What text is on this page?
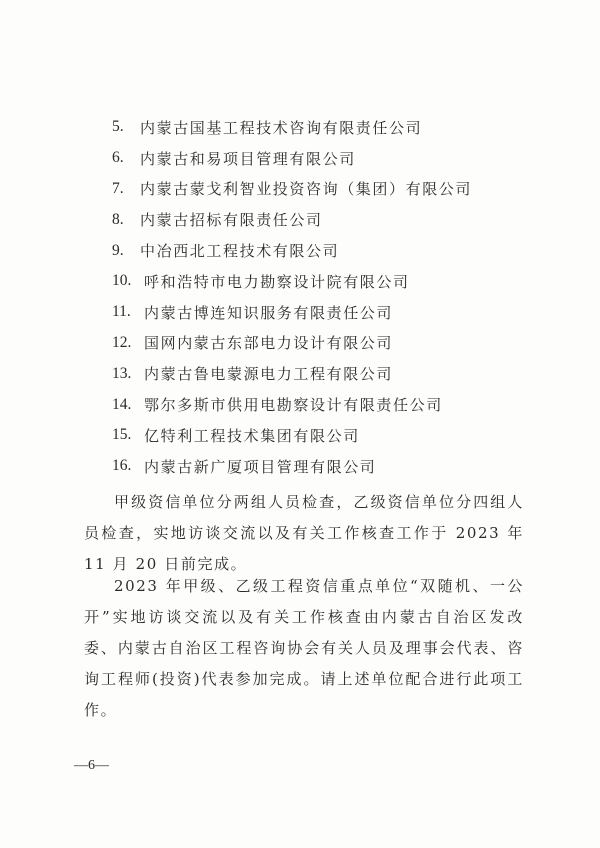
5.	内蒙古国基工程技术咨询有限责任公司
6.	内蒙古和易项目管理有限公司
7.	内蒙古蒙戈利智业投资咨询（集团）有限公司
8.	内蒙古招标有限责任公司
9.	中冶西北工程技术有限公司
10. 呼和浩特市电力勘察设计院有限公司
11. 内蒙古博连知识服务有限责任公司
12. 国网内蒙古东部电力设计有限公司
13. 内蒙古鲁电蒙源电力工程有限公司
14. 鄂尔多斯市供用电勘察设计有限责任公司
15. 亿特利工程技术集团有限公司
16. 内蒙古新广厦项目管理有限公司
甲级资信单位分两组人员检查，乙级资信单位分四组人员检查，实地访谈交流以及有关工作核查工作于 2023 年 11 月 20 日前完成。
2023 年甲级、乙级工程资信重点单位“双随机、一公开”实地访谈交流以及有关工作核查由内蒙古自治区发改委、内蒙古自治区工程咨询协会有关人员及理事会代表、咨询工程师(投资)代表参加完成。请上述单位配合进行此项工作。
—6—
